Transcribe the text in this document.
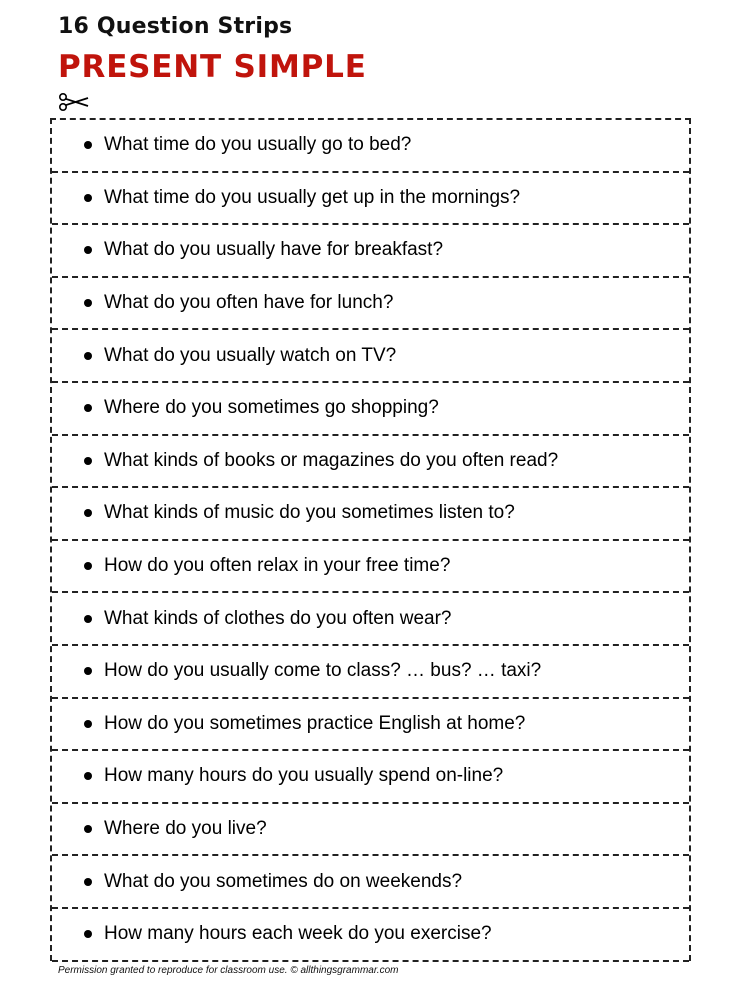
16 Question Strips
PRESENT SIMPLE
What time do you usually go to bed?
What time do you usually get up in the mornings?
What do you usually have for breakfast?
What do you often have for lunch?
What do you usually watch on TV?
Where do you sometimes go shopping?
What kinds of books or magazines do you often read?
What kinds of music do you sometimes listen to?
How do you often relax in your free time?
What kinds of clothes do you often wear?
How do you usually come to class? … bus? … taxi?
How do you sometimes practice English at home?
How many hours do you usually spend on-line?
Where do you live?
What do you sometimes do on weekends?
How many hours each week do you exercise?
Permission granted to reproduce for classroom use. © allthingsgrammar.com
